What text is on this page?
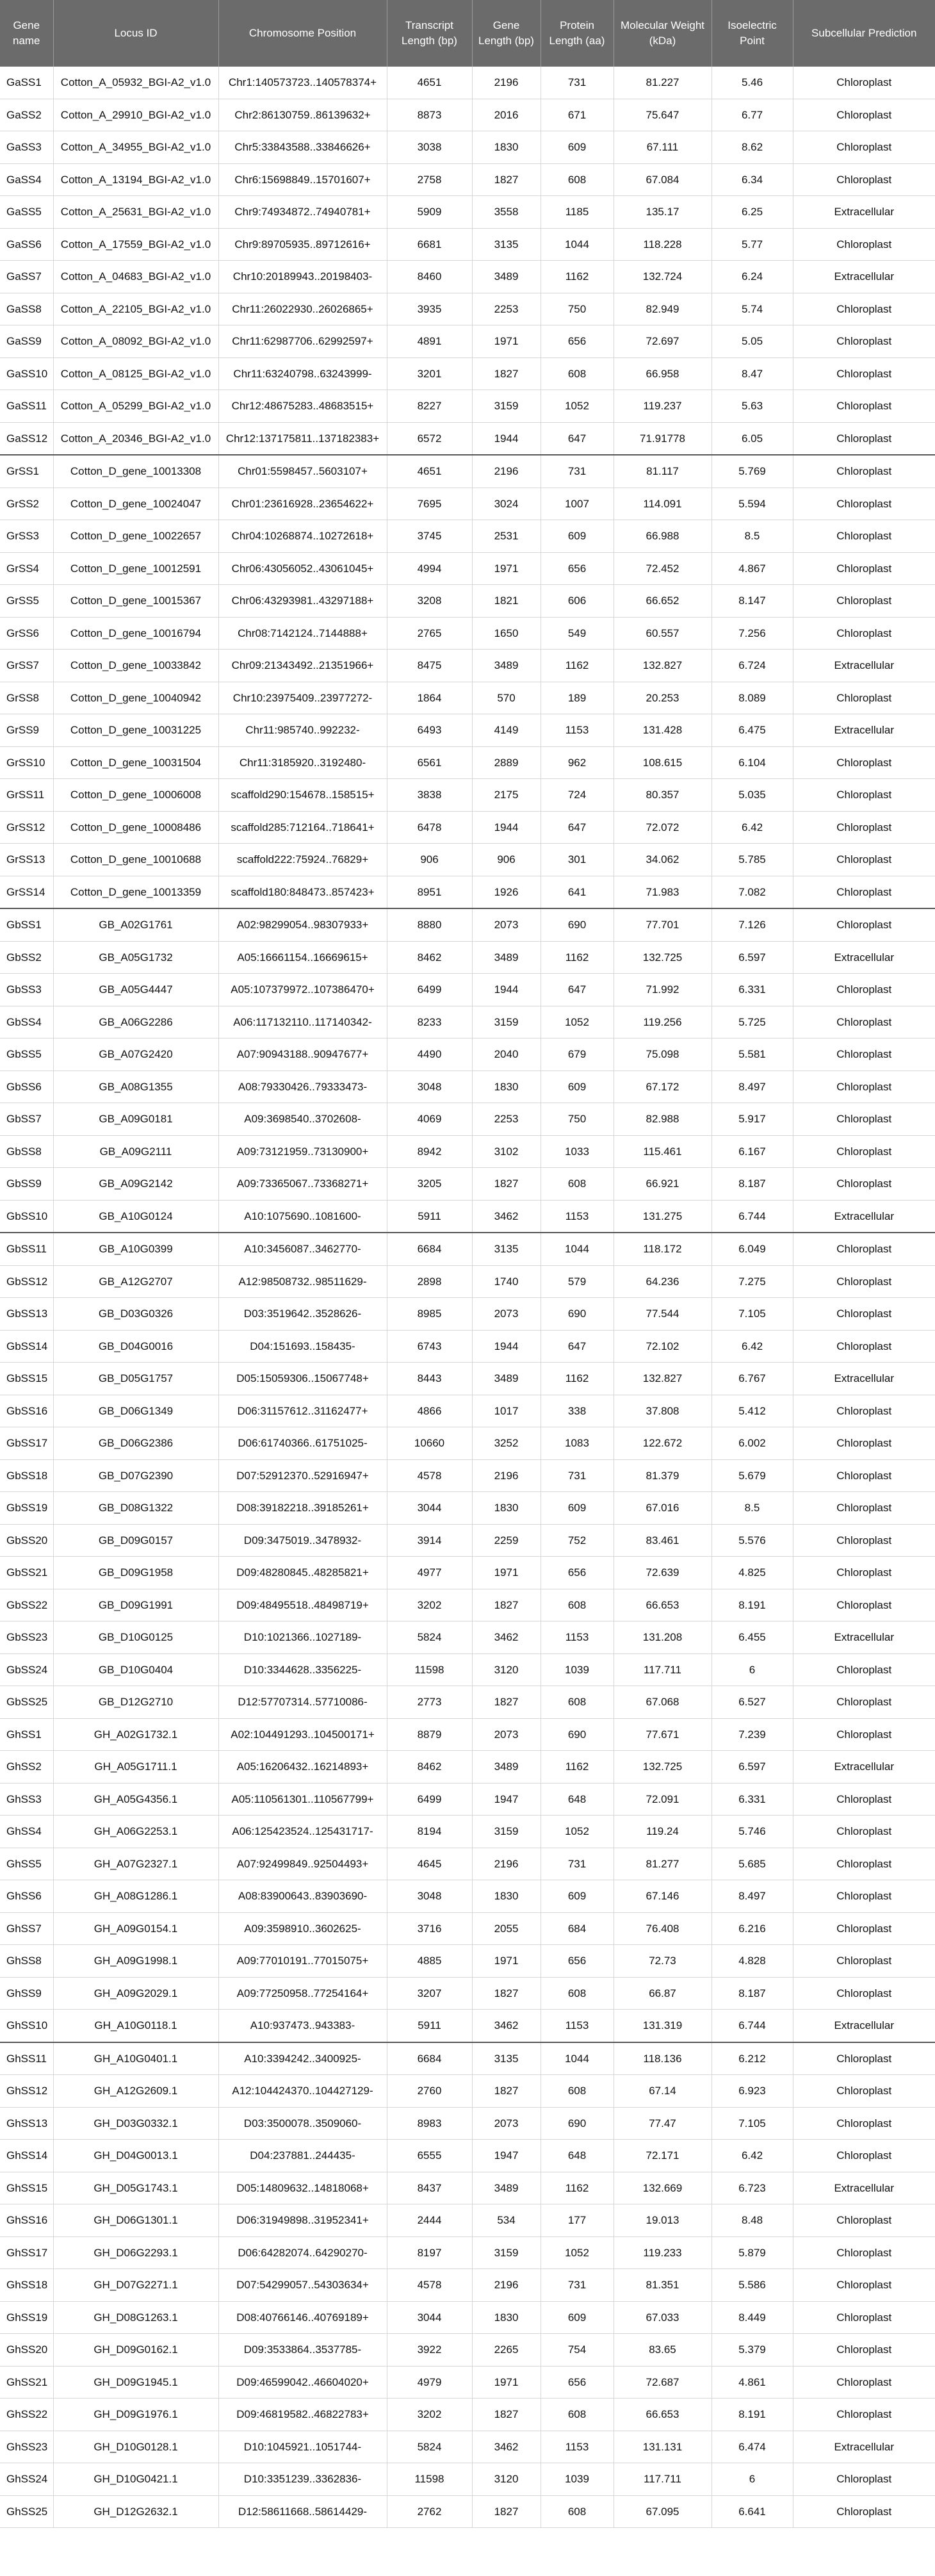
Gene name	Locus ID	Chromosome Position	Transcript Length (bp)	Gene Length (bp)	Protein Length (aa)	Molecular Weight (kDa)	Isoelectric Point	Subcellular Prediction
GaSS1	Cotton_A_05932_BGI-A2_v1.0	Chr1:140573723..140578374+	4651	2196	731	81.227	5.46	Chloroplast
GaSS2	Cotton_A_29910_BGI-A2_v1.0	Chr2:86130759..86139632+	8873	2016	671	75.647	6.77	Chloroplast
GaSS3	Cotton_A_34955_BGI-A2_v1.0	Chr5:33843588..33846626+	3038	1830	609	67.111	8.62	Chloroplast
GaSS4	Cotton_A_13194_BGI-A2_v1.0	Chr6:15698849..15701607+	2758	1827	608	67.084	6.34	Chloroplast
GaSS5	Cotton_A_25631_BGI-A2_v1.0	Chr9:74934872..74940781+	5909	3558	1185	135.17	6.25	Extracellular
GaSS6	Cotton_A_17559_BGI-A2_v1.0	Chr9:89705935..89712616+	6681	3135	1044	118.228	5.77	Chloroplast
GaSS7	Cotton_A_04683_BGI-A2_v1.0	Chr10:20189943..20198403-	8460	3489	1162	132.724	6.24	Extracellular
GaSS8	Cotton_A_22105_BGI-A2_v1.0	Chr11:26022930..26026865+	3935	2253	750	82.949	5.74	Chloroplast
GaSS9	Cotton_A_08092_BGI-A2_v1.0	Chr11:62987706..62992597+	4891	1971	656	72.697	5.05	Chloroplast
GaSS10	Cotton_A_08125_BGI-A2_v1.0	Chr11:63240798..63243999-	3201	1827	608	66.958	8.47	Chloroplast
GaSS11	Cotton_A_05299_BGI-A2_v1.0	Chr12:48675283..48683515+	8227	3159	1052	119.237	5.63	Chloroplast
GaSS12	Cotton_A_20346_BGI-A2_v1.0	Chr12:137175811..137182383+	6572	1944	647	71.91778	6.05	Chloroplast
GrSS1	Cotton_D_gene_10013308	Chr01:5598457..5603107+	4651	2196	731	81.117	5.769	Chloroplast
GrSS2	Cotton_D_gene_10024047	Chr01:23616928..23654622+	7695	3024	1007	114.091	5.594	Chloroplast
GrSS3	Cotton_D_gene_10022657	Chr04:10268874..10272618+	3745	2531	609	66.988	8.5	Chloroplast
GrSS4	Cotton_D_gene_10012591	Chr06:43056052..43061045+	4994	1971	656	72.452	4.867	Chloroplast
GrSS5	Cotton_D_gene_10015367	Chr06:43293981..43297188+	3208	1821	606	66.652	8.147	Chloroplast
GrSS6	Cotton_D_gene_10016794	Chr08:7142124..7144888+	2765	1650	549	60.557	7.256	Chloroplast
GrSS7	Cotton_D_gene_10033842	Chr09:21343492..21351966+	8475	3489	1162	132.827	6.724	Extracellular
GrSS8	Cotton_D_gene_10040942	Chr10:23975409..23977272-	1864	570	189	20.253	8.089	Chloroplast
GrSS9	Cotton_D_gene_10031225	Chr11:985740..992232-	6493	4149	1153	131.428	6.475	Extracellular
GrSS10	Cotton_D_gene_10031504	Chr11:3185920..3192480-	6561	2889	962	108.615	6.104	Chloroplast
GrSS11	Cotton_D_gene_10006008	scaffold290:154678..158515+	3838	2175	724	80.357	5.035	Chloroplast
GrSS12	Cotton_D_gene_10008486	scaffold285:712164..718641+	6478	1944	647	72.072	6.42	Chloroplast
GrSS13	Cotton_D_gene_10010688	scaffold222:75924..76829+	906	906	301	34.062	5.785	Chloroplast
GrSS14	Cotton_D_gene_10013359	scaffold180:848473..857423+	8951	1926	641	71.983	7.082	Chloroplast
GbSS1	GB_A02G1761	A02:98299054..98307933+	8880	2073	690	77.701	7.126	Chloroplast
GbSS2	GB_A05G1732	A05:16661154..16669615+	8462	3489	1162	132.725	6.597	Extracellular
GbSS3	GB_A05G4447	A05:107379972..107386470+	6499	1944	647	71.992	6.331	Chloroplast
GbSS4	GB_A06G2286	A06:117132110..117140342-	8233	3159	1052	119.256	5.725	Chloroplast
GbSS5	GB_A07G2420	A07:90943188..90947677+	4490	2040	679	75.098	5.581	Chloroplast
GbSS6	GB_A08G1355	A08:79330426..79333473-	3048	1830	609	67.172	8.497	Chloroplast
GbSS7	GB_A09G0181	A09:3698540..3702608-	4069	2253	750	82.988	5.917	Chloroplast
GbSS8	GB_A09G2111	A09:73121959..73130900+	8942	3102	1033	115.461	6.167	Chloroplast
GbSS9	GB_A09G2142	A09:73365067..73368271+	3205	1827	608	66.921	8.187	Chloroplast
GbSS10	GB_A10G0124	A10:1075690..1081600-	5911	3462	1153	131.275	6.744	Extracellular
GbSS11	GB_A10G0399	A10:3456087..3462770-	6684	3135	1044	118.172	6.049	Chloroplast
GbSS12	GB_A12G2707	A12:98508732..98511629-	2898	1740	579	64.236	7.275	Chloroplast
GbSS13	GB_D03G0326	D03:3519642..3528626-	8985	2073	690	77.544	7.105	Chloroplast
GbSS14	GB_D04G0016	D04:151693..158435-	6743	1944	647	72.102	6.42	Chloroplast
GbSS15	GB_D05G1757	D05:15059306..15067748+	8443	3489	1162	132.827	6.767	Extracellular
GbSS16	GB_D06G1349	D06:31157612..31162477+	4866	1017	338	37.808	5.412	Chloroplast
GbSS17	GB_D06G2386	D06:61740366..61751025-	10660	3252	1083	122.672	6.002	Chloroplast
GbSS18	GB_D07G2390	D07:52912370..52916947+	4578	2196	731	81.379	5.679	Chloroplast
GbSS19	GB_D08G1322	D08:39182218..39185261+	3044	1830	609	67.016	8.5	Chloroplast
GbSS20	GB_D09G0157	D09:3475019..3478932-	3914	2259	752	83.461	5.576	Chloroplast
GbSS21	GB_D09G1958	D09:48280845..48285821+	4977	1971	656	72.639	4.825	Chloroplast
GbSS22	GB_D09G1991	D09:48495518..48498719+	3202	1827	608	66.653	8.191	Chloroplast
GbSS23	GB_D10G0125	D10:1021366..1027189-	5824	3462	1153	131.208	6.455	Extracellular
GbSS24	GB_D10G0404	D10:3344628..3356225-	11598	3120	1039	117.711	6	Chloroplast
GbSS25	GB_D12G2710	D12:57707314..57710086-	2773	1827	608	67.068	6.527	Chloroplast
GhSS1	GH_A02G1732.1	A02:104491293..104500171+	8879	2073	690	77.671	7.239	Chloroplast
GhSS2	GH_A05G1711.1	A05:16206432..16214893+	8462	3489	1162	132.725	6.597	Extracellular
GhSS3	GH_A05G4356.1	A05:110561301..110567799+	6499	1947	648	72.091	6.331	Chloroplast
GhSS4	GH_A06G2253.1	A06:125423524..125431717-	8194	3159	1052	119.24	5.746	Chloroplast
GhSS5	GH_A07G2327.1	A07:92499849..92504493+	4645	2196	731	81.277	5.685	Chloroplast
GhSS6	GH_A08G1286.1	A08:83900643..83903690-	3048	1830	609	67.146	8.497	Chloroplast
GhSS7	GH_A09G0154.1	A09:3598910..3602625-	3716	2055	684	76.408	6.216	Chloroplast
GhSS8	GH_A09G1998.1	A09:77010191..77015075+	4885	1971	656	72.73	4.828	Chloroplast
GhSS9	GH_A09G2029.1	A09:77250958..77254164+	3207	1827	608	66.87	8.187	Chloroplast
GhSS10	GH_A10G0118.1	A10:937473..943383-	5911	3462	1153	131.319	6.744	Extracellular
GhSS11	GH_A10G0401.1	A10:3394242..3400925-	6684	3135	1044	118.136	6.212	Chloroplast
GhSS12	GH_A12G2609.1	A12:104424370..104427129-	2760	1827	608	67.14	6.923	Chloroplast
GhSS13	GH_D03G0332.1	D03:3500078..3509060-	8983	2073	690	77.47	7.105	Chloroplast
GhSS14	GH_D04G0013.1	D04:237881..244435-	6555	1947	648	72.171	6.42	Chloroplast
GhSS15	GH_D05G1743.1	D05:14809632..14818068+	8437	3489	1162	132.669	6.723	Extracellular
GhSS16	GH_D06G1301.1	D06:31949898..31952341+	2444	534	177	19.013	8.48	Chloroplast
GhSS17	GH_D06G2293.1	D06:64282074..64290270-	8197	3159	1052	119.233	5.879	Chloroplast
GhSS18	GH_D07G2271.1	D07:54299057..54303634+	4578	2196	731	81.351	5.586	Chloroplast
GhSS19	GH_D08G1263.1	D08:40766146..40769189+	3044	1830	609	67.033	8.449	Chloroplast
GhSS20	GH_D09G0162.1	D09:3533864..3537785-	3922	2265	754	83.65	5.379	Chloroplast
GhSS21	GH_D09G1945.1	D09:46599042..46604020+	4979	1971	656	72.687	4.861	Chloroplast
GhSS22	GH_D09G1976.1	D09:46819582..46822783+	3202	1827	608	66.653	8.191	Chloroplast
GhSS23	GH_D10G0128.1	D10:1045921..1051744-	5824	3462	1153	131.131	6.474	Extracellular
GhSS24	GH_D10G0421.1	D10:3351239..3362836-	11598	3120	1039	117.711	6	Chloroplast
GhSS25	GH_D12G2632.1	D12:58611668..58614429-	2762	1827	608	67.095	6.641	Chloroplast
